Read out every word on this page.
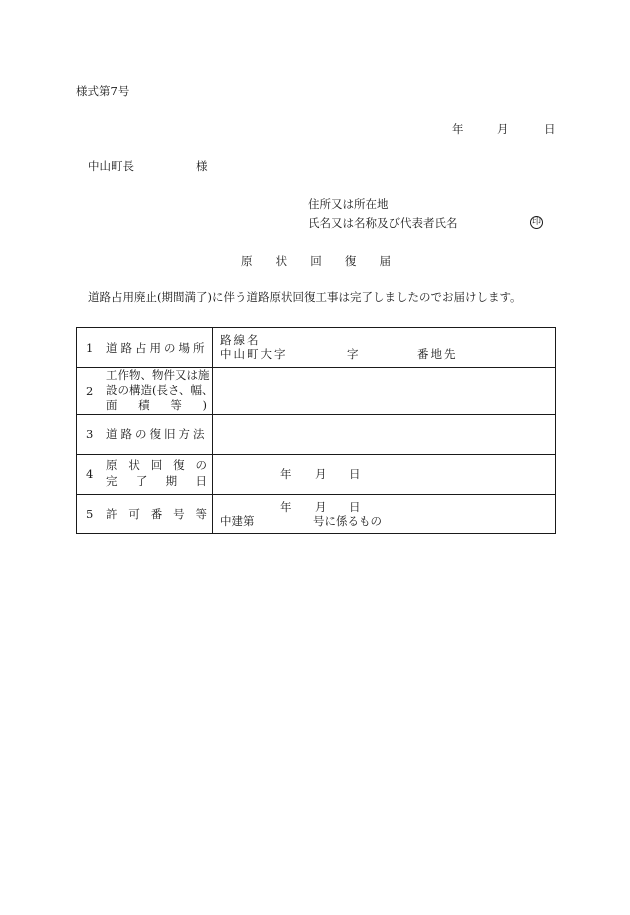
様式第7号
年	月	日
中山町長	様
住所又は所在地
氏名又は名称及び代表者氏名	印
原 状 回 復 届
道路占用廃止(期間満了)に伴う道路原状回復工事は完了しましたのでお届けします。
1 道路占用の場所
路線名
中山町大字	字	番地先
2
工作物、物件又は施
設の構造(長さ、幅、
面 積 等 )
3 道路の復旧方法
4
原 状 回 復 の
完 了 期 日	年 月 日
5 許 可 番 号 等	年 月 日
中建第	号に係るもの
